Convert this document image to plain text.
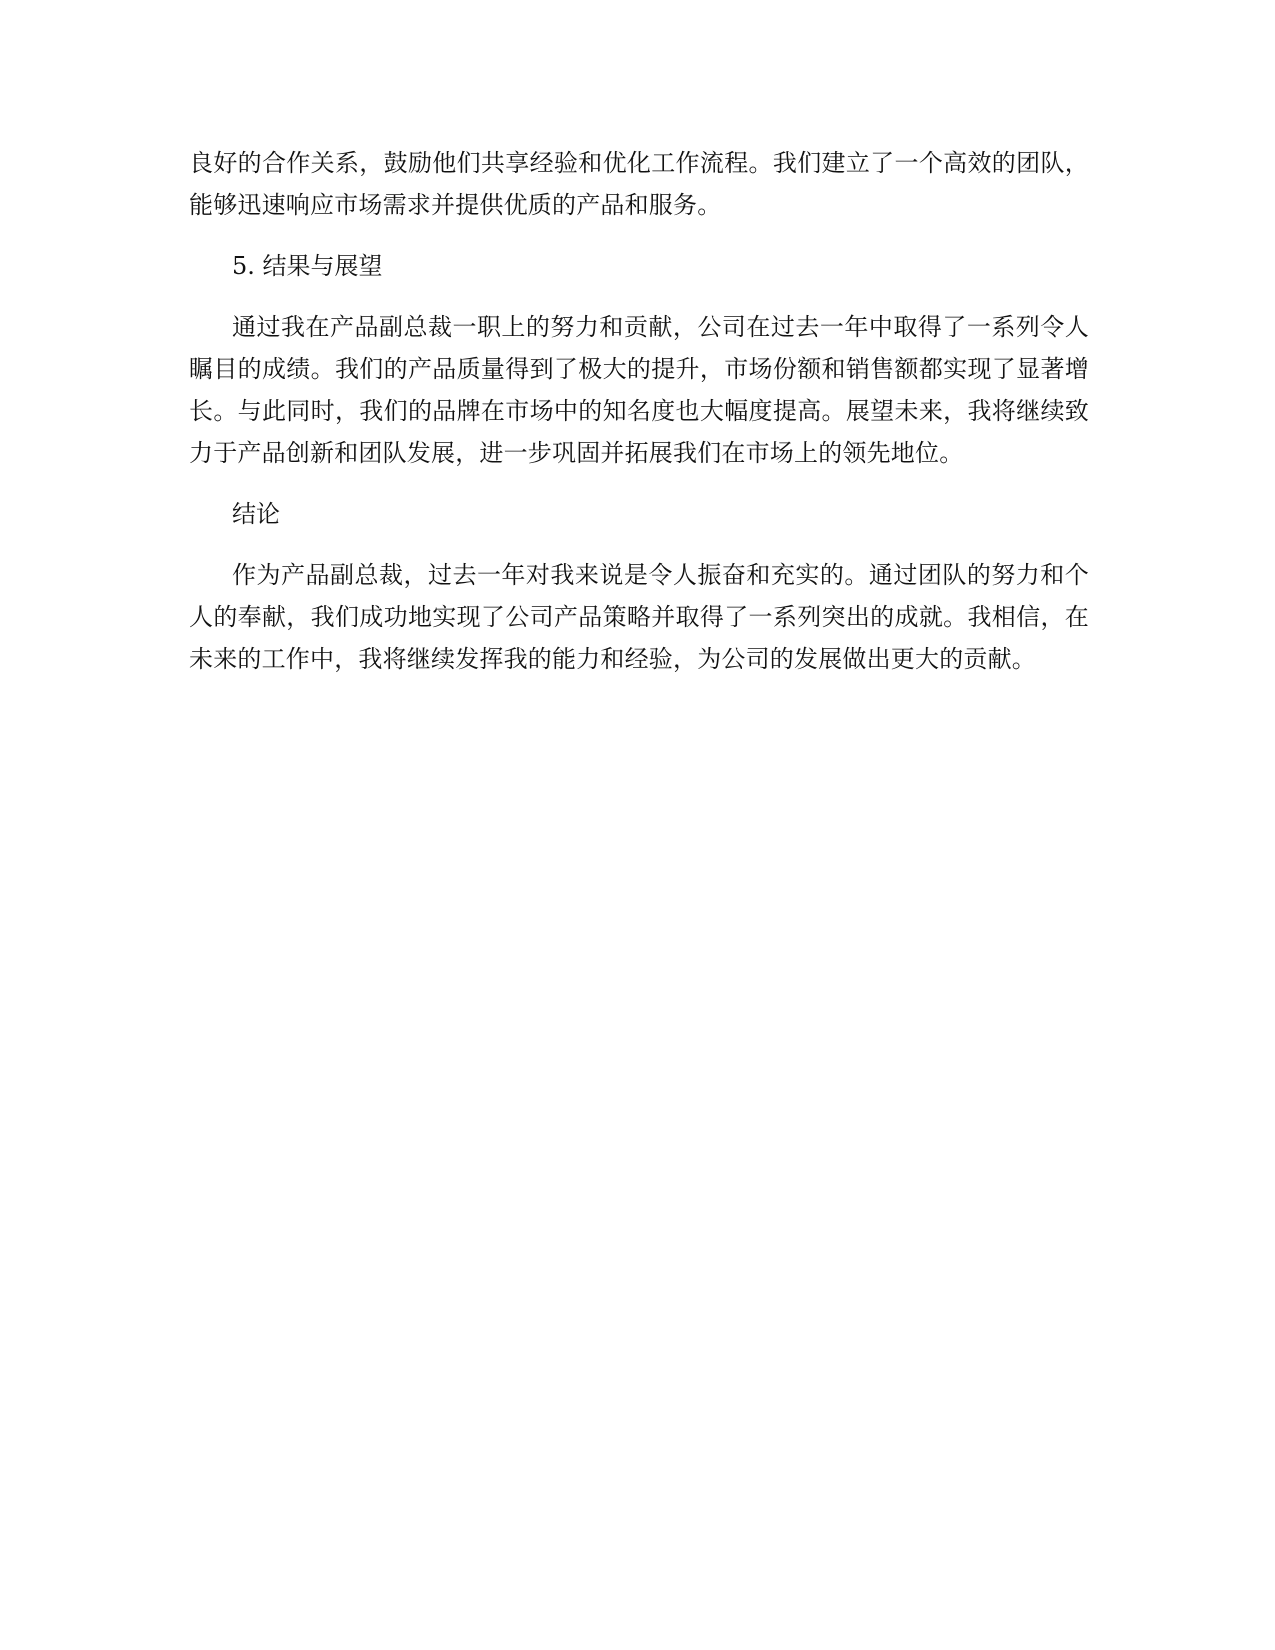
良好的合作关系，鼓励他们共享经验和优化工作流程。我们建立了一个高效的团队，能够迅速响应市场需求并提供优质的产品和服务。

5. 结果与展望

通过我在产品副总裁一职上的努力和贡献，公司在过去一年中取得了一系列令人瞩目的成绩。我们的产品质量得到了极大的提升，市场份额和销售额都实现了显著增长。与此同时，我们的品牌在市场中的知名度也大幅度提高。展望未来，我将继续致力于产品创新和团队发展，进一步巩固并拓展我们在市场上的领先地位。

结论

作为产品副总裁，过去一年对我来说是令人振奋和充实的。通过团队的努力和个人的奉献，我们成功地实现了公司产品策略并取得了一系列突出的成就。我相信，在未来的工作中，我将继续发挥我的能力和经验，为公司的发展做出更大的贡献。
